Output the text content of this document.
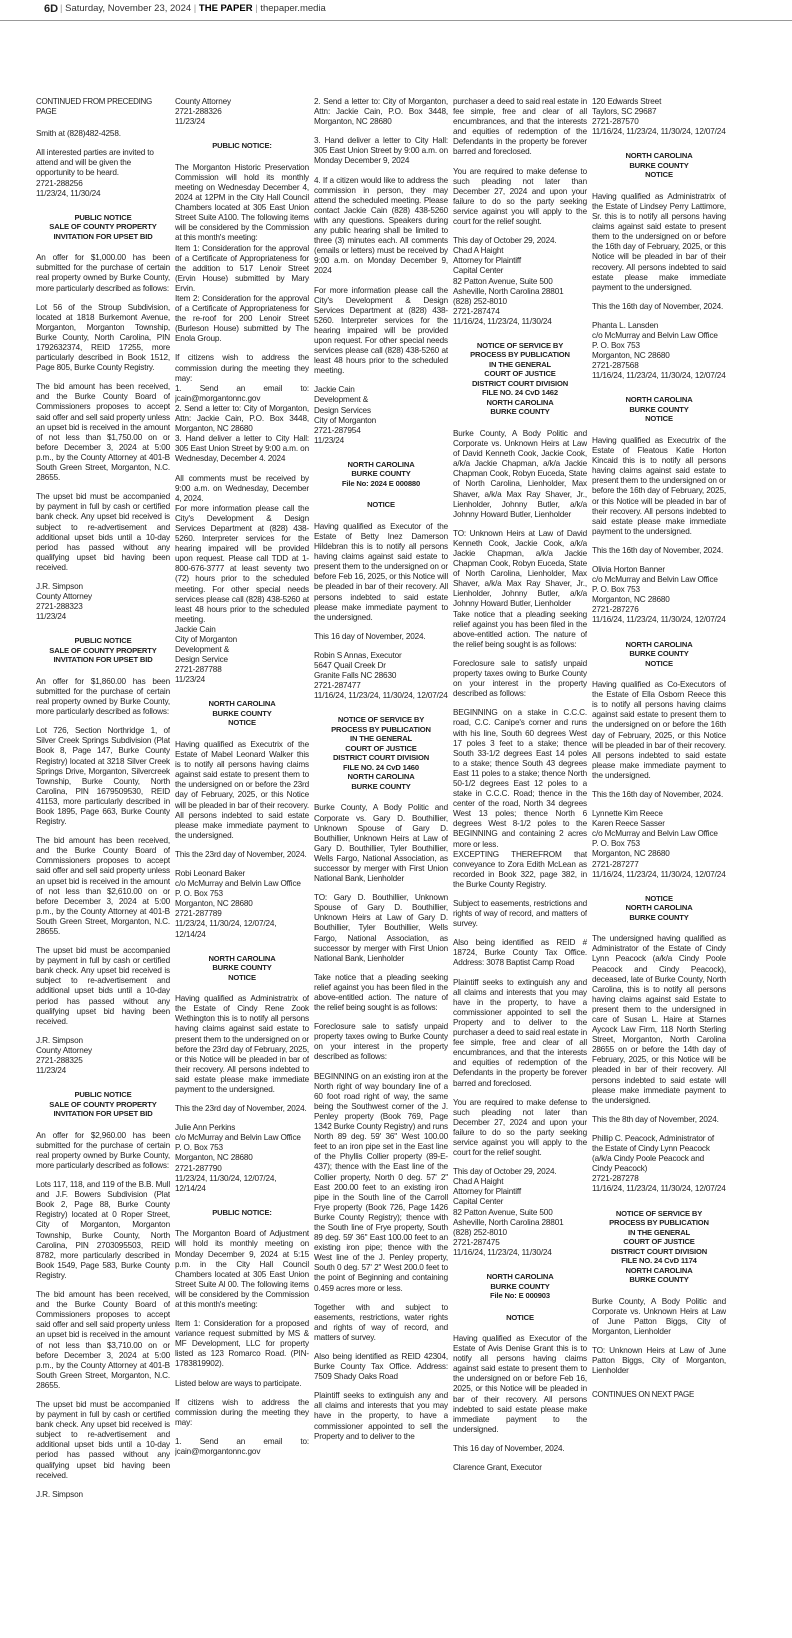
6D | Saturday, November 23, 2024 | THE PAPER | thepaper.media
CONTINUED FROM PRECEDING PAGE

Smith at (828)482-4258.

All interested parties are invited to attend and will be given the opportunity to be heard.
2721-288256
11/23/24, 11/30/24

PUBLIC NOTICE
SALE OF COUNTY PROPERTY
INVITATION FOR UPSET BID

An offer for $1,000.00 has been submitted for the purchase of certain real property owned by Burke County, more particularly described as follows:

Lot 56 of the Stroup Subdivision, located at 1818 Burkemont Avenue, Morganton, Morganton Township, Burke County, North Carolina, PIN 1792632374, REID 17255, more particularly described in Book 1512, Page 805, Burke County Registry.

The bid amount has been received, and the Burke County Board of Commissioners proposes to accept said offer and sell said property unless an upset bid is received in the amount of not less than $1,750.00 on or before December 3, 2024 at 5:00 p.m., by the County Attorney at 401-B South Green Street, Morganton, N.C. 28655.

The upset bid must be accompanied by payment in full by cash or certified bank check. Any upset bid received is subject to re-advertisement and additional upset bids until a 10-day period has passed without any qualifying upset bid having been received.

J.R. Simpson
County Attorney
2721-288323
11/23/24

PUBLIC NOTICE
SALE OF COUNTY PROPERTY
INVITATION FOR UPSET BID

An offer for $1,860.00 has been submitted for the purchase of certain real property owned by Burke County, more particularly described as follows:

Lot 726, Section Northridge 1, of Silver Creek Springs Subdivision (Plat Book 8, Page 147, Burke County Registry) located at 3218 Silver Creek Springs Drive, Morganton, Silvercreek Township, Burke County, North Carolina, PIN 1679509530, REID 41153, more particularly described in Book 1895, Page 663, Burke County Registry.

The bid amount has been received, and the Burke County Board of Commissioners proposes to accept said offer and sell said property unless an upset bid is received in the amount of not less than $2,610.00 on or before December 3, 2024 at 5:00 p.m., by the County Attorney at 401-B South Green Street, Morganton, N.C. 28655.

The upset bid must be accompanied by payment in full by cash or certified bank check. Any upset bid received is subject to re-advertisement and additional upset bids until a 10-day period has passed without any qualifying upset bid having been received.

J.R. Simpson
County Attorney
2721-288325
11/23/24

PUBLIC NOTICE
SALE OF COUNTY PROPERTY
INVITATION FOR UPSET BID

An offer for $2,960.00 has been submitted for the purchase of certain real property owned by Burke County, more particularly described as follows:

Lots 117, 118, and 119 of the B.B. Mull and J.F. Bowers Subdivision (Plat Book 2, Page 88, Burke County Registry) located at 0 Roper Street, City of Morganton, Morganton Township, Burke County, North Carolina, PIN 2703095503, REID 8782, more particularly described in Book 1549, Page 583, Burke County Registry.

The bid amount has been received, and the Burke County Board of Commissioners proposes to accept said offer and sell said property unless an upset bid is received in the amount of not less than $3,710.00 on or before December 3, 2024 at 5:00 p.m., by the County Attorney at 401-B South Green Street, Morganton, N.C. 28655.

The upset bid must be accompanied by payment in full by cash or certified bank check. Any upset bid received is subject to re-advertisement and additional upset bids until a 10-day period has passed without any qualifying upset bid having been received.

J.R. Simpson

County Attorney
2721-288326
11/23/24

PUBLIC NOTICE:

The Morganton Historic Preservation Commission will hold its monthly meeting on Wednesday December 4, 2024 at 12PM in the City Hall Council Chambers located at 305 East Union Street Suite A100. The following items will be considered by the Commission at this month's meeting:
Item 1: Consideration for the approval of a Certificate of Appropriateness for the addition to 517 Lenoir Street (Ervin House) submitted by Mary Ervin.
Item 2: Consideration for the approval of a Certificate of Appropriateness for the re-roof for 200 Lenoir Street (Burleson House) submitted by The Enola Group.

If citizens wish to address the commission during the meeting they may:
1. Send an email to: jcain@morgantonnc.gov
2. Send a letter to: City of Morganton, Attn: Jackie Cain, P.O. Box 3448, Morganton, NC 28680
3. Hand deliver a letter to City Hall: 305 East Union Street by 9:00 a.m. on Wednesday, December 4. 2024

All comments must be received by 9:00 a.m. on Wednesday, December 4, 2024.
For more information please call the City's Development & Design Services Department at (828) 438-5260. Interpreter services for the hearing impaired will be provided upon request. Please call TDD at 1-800-676-3777 at least seventy two (72) hours prior to the scheduled meeting. For other special needs services please call (828) 438-5260 at least 48 hours prior to the scheduled meeting.
Jackie Cain
City of Morganton
Development &
Design Service
2721-287788
11/23/24

NORTH CAROLINA
BURKE COUNTY
NOTICE

Having qualified as Executrix of the Estate of Mabel Leonard Walker this is to notify all persons having claims against said estate to present them to the undersigned on or before the 23rd day of February, 2025, or this Notice will be pleaded in bar of their recovery. All persons indebted to said estate please make immediate payment to the undersigned.

This the 23rd day of November, 2024.

Robi Leonard Baker
c/o McMurray and Belvin Law Office
P. O. Box 753
Morganton, NC 28680
2721-287789
11/23/24, 11/30/24, 12/07/24, 12/14/24

NORTH CAROLINA
BURKE COUNTY
NOTICE

Having qualified as Administratrix of the Estate of Cindy Rene Zook Wethington this is to notify all persons having claims against said estate to present them to the undersigned on or before the 23rd day of February, 2025, or this Notice will be pleaded in bar of their recovery. All persons indebted to said estate please make immediate payment to the undersigned.

This the 23rd day of November, 2024.

Julie Ann Perkins
c/o McMurray and Belvin Law Office
P. O. Box 753
Morganton, NC 28680
2721-287790
11/23/24, 11/30/24, 12/07/24, 12/14/24

PUBLIC NOTICE:

The Morganton Board of Adjustment will hold its monthly meeting on Monday December 9, 2024 at 5:15 p.m. in the City Hall Council Chambers located at 305 East Union Street Suite Al 00. The following items will be considered by the Commission at this month's meeting:

Item 1: Consideration for a proposed variance request submitted by MS & MF Development, LLC for property listed as 123 Romarco Road. (PIN-1783819902).

Listed below are ways to participate.

If citizens wish to address the commission during the meeting they may:

1. Send an email to: jcain@morgantonnc.gov

2. Send a letter to: City of Morganton, Attn: Jackie Cain, P.O. Box 3448, Morganton, NC 28680

3. Hand deliver a letter to City Hall: 305 East Union Street by 9:00 a.m. on Monday December 9, 2024

4. If a citizen would like to address the commission in person, they may attend the scheduled meeting. Please contact Jackie Cain (828) 438-5260 with any questions. Speakers during any public hearing shall be limited to three (3) minutes each. All comments (emails or letters) must be received by 9:00 a.m. on Monday December 9, 2024

For more information please call the City's Development & Design Services Department at (828) 438-5260. Interpreter services for the hearing impaired will be provided upon request. For other special needs services please call (828) 438-5260 at least 48 hours prior to the scheduled meeting.

Jackie Cain
Development &
Design Services
City of Morganton
2721-287954
11/23/24

NORTH CAROLINA
BURKE COUNTY
File No: 2024 E 000880
NOTICE

Having qualified as Executor of the Estate of Betty Inez Damerson Hildebran this is to notify all persons having claims against said estate to present them to the undersigned on or before Feb 16, 2025, or this Notice will be pleaded in bar of their recovery. All persons indebted to said estate please make immediate payment to the undersigned.

This 16 day of November, 2024.

Robin S Annas, Executor
5647 Quail Creek Dr
Granite Falls NC 28630
2721-287477
11/16/24, 11/23/24, 11/30/24, 12/07/24

NOTICE OF SERVICE BY
PROCESS BY PUBLICATION
IN THE GENERAL
COURT OF JUSTICE
DISTRICT COURT DIVISION
FILE NO. 24 CvD 1460
NORTH CAROLINA
BURKE COUNTY

Burke County, A Body Politic and Corporate vs. Gary D. Bouthillier, Unknown Spouse of Gary D. Bouthillier, Unknown Heirs at Law of Gary D. Bouthillier, Tyler Bouthillier, Wells Fargo, National Association, as successor by merger with First Union National Bank, Lienholder

TO: Gary D. Bouthillier, Unknown Spouse of Gary D. Bouthillier, Unknown Heirs at Law of Gary D. Bouthillier, Tyler Bouthillier, Wells Fargo, National Association, as successor by merger with First Union National Bank, Lienholder

Take notice that a pleading seeking relief against you has been filed in the above-entitled action. The nature of the relief being sought is as follows:

Foreclosure sale to satisfy unpaid property taxes owing to Burke County on your interest in the property described as follows:

BEGINNING on an existing iron at the North right of way boundary line of a 60 foot road right of way, the same being the Southwest corner of the J. Penley property (Book 769, Page 1342 Burke County Registry) and runs North 89 deg. 59' 36" West 100.00 feet to an iron pipe set in the East line of the Phyllis Collier property (89-E-437); thence with the East line of the Collier property, North 0 deg. 57' 2" East 200.00 feet to an existing iron pipe in the South line of the Carroll Frye property (Book 726, Page 1426 Burke County Registry); thence with the South line of Frye property, South 89 deg. 59' 36" East 100.00 feet to an existing iron pipe; thence with the West line of the J. Penley property, South 0 deg. 57' 2" West 200.0 feet to the point of Beginning and containing 0.459 acres more or less.

Together with and subject to easements, restrictions, water rights and rights of way of record, and matters of survey.

Also being identified as REID 42304, Burke County Tax Office. Address: 7509 Shady Oaks Road

Plaintiff seeks to extinguish any and all claims and interests that you may have in the property, to have a commissioner appointed to sell the Property and to deliver to the

purchaser a deed to said real estate in fee simple, free and clear of all encumbrances, and that the interests and equities of redemption of the Defendants in the property be forever barred and foreclosed.

You are required to make defense to such pleading not later than December 27, 2024 and upon your failure to do so the party seeking service against you will apply to the court for the relief sought.

This day of October 29, 2024.
Chad A Haight
Attorney for Plaintiff
Capital Center
82 Patton Avenue, Suite 500
Asheville, North Carolina 28801
(828) 252-8010
2721-287474
11/16/24, 11/23/24, 11/30/24

NOTICE OF SERVICE BY
PROCESS BY PUBLICATION
IN THE GENERAL
COURT OF JUSTICE
DISTRICT COURT DIVISION
FILE NO. 24 CvD 1462
NORTH CAROLINA
BURKE COUNTY

Burke County, A Body Politic and Corporate vs. Unknown Heirs at Law of David Kenneth Cook, Jackie Cook, a/k/a Jackie Chapman, a/k/a Jackie Chapman Cook, Robyn Euceda, State of North Carolina, Lienholder, Max Shaver, a/k/a Max Ray Shaver, Jr., Lienholder, Johnny Butler, a/k/a Johnny Howard Butler, Lienholder

TO: Unknown Heirs at Law of David Kenneth Cook, Jackie Cook, a/k/a Jackie Chapman, a/k/a Jackie Chapman Cook, Robyn Euceda, State of North Carolina, Lienholder, Max Shaver, a/k/a Max Ray Shaver, Jr., Lienholder, Johnny Butler, a/k/a Johnny Howard Butler, Lienholder
Take notice that a pleading seeking relief against you has been filed in the above-entitled action. The nature of the relief being sought is as follows:

Foreclosure sale to satisfy unpaid property taxes owing to Burke County on your interest in the property described as follows:

BEGINNING on a stake in C.C.C. road, C.C. Canipe's corner and runs with his line, South 60 degrees West 17 poles 3 feet to a stake; thence South 33-1/2 degrees East 14 poles to a stake; thence South 43 degrees East 11 poles to a stake; thence North 50-1/2 degrees East 12 poles to a stake in C.C.C. Road; thence in the center of the road, North 34 degrees West 13 poles; thence North 6 degrees West 8-1/2 poles to the BEGINNING and containing 2 acres more or less.
EXCEPTING THEREFROM that conveyance to Zora Edith McLean as recorded in Book 322, page 382, in the Burke County Registry.

Subject to easements, restrictions and rights of way of record, and matters of survey.

Also being identified as REID # 18724, Burke County Tax Office. Address: 3078 Baptist Camp Road

Plaintiff seeks to extinguish any and all claims and interests that you may have in the property, to have a commissioner appointed to sell the Property and to deliver to the purchaser a deed to said real estate in fee simple, free and clear of all encumbrances, and that the interests and equities of redemption of the Defendants in the property be forever barred and foreclosed.

You are required to make defense to such pleading not later than December 27, 2024 and upon your failure to do so the party seeking service against you will apply to the court for the relief sought.

This day of October 29, 2024.
Chad A Haight
Attorney for Plaintiff
Capital Center
82 Patton Avenue, Suite 500
Asheville, North Carolina 28801
(828) 252-8010
2721-287475
11/16/24, 11/23/24, 11/30/24

NORTH CAROLINA
BURKE COUNTY
File No: E 000903
NOTICE

Having qualified as Executor of the Estate of Avis Denise Grant this is to notify all persons having claims against said estate to present them to the undersigned on or before Feb 16, 2025, or this Notice will be pleaded in bar of their recovery. All persons indebted to said estate please make immediate payment to the undersigned.

This 16 day of November, 2024.

Clarence Grant, Executor

120 Edwards Street
Taylors, SC 29687
2721-287570
11/16/24, 11/23/24, 11/30/24, 12/07/24

NORTH CAROLINA
BURKE COUNTY
NOTICE

Having qualified as Administratrix of the Estate of Lindsey Perry Lattimore, Sr. this is to notify all persons having claims against said estate to present them to the undersigned on or before the 16th day of February, 2025, or this Notice will be pleaded in bar of their recovery. All persons indebted to said estate please make immediate payment to the undersigned.

This the 16th day of November, 2024.

Phanta L. Lansden
c/o McMurray and Belvin Law Office
P. O. Box 753
Morganton, NC 28680
2721-287568
11/16/24, 11/23/24, 11/30/24, 12/07/24

NORTH CAROLINA
BURKE COUNTY
NOTICE

Having qualified as Executrix of the Estate of Fleatous Katie Horton Kincaid this is to notify all persons having claims against said estate to present them to the undersigned on or before the 16th day of February, 2025, or this Notice will be pleaded in bar of their recovery. All persons indebted to said estate please make immediate payment to the undersigned.

This the 16th day of November, 2024.

Olivia Horton Banner
c/o McMurray and Belvin Law Office
P. O. Box 753
Morganton, NC 28680
2721-287276
11/16/24, 11/23/24, 11/30/24, 12/07/24

NORTH CAROLINA
BURKE COUNTY
NOTICE

Having qualified as Co-Executors of the Estate of Ella Osborn Reece this is to notify all persons having claims against said estate to present them to the undersigned on or before the 16th day of February, 2025, or this Notice will be pleaded in bar of their recovery. All persons indebted to said estate please make immediate payment to the undersigned.

This the 16th day of November, 2024.

Lynnette Kim Reece
Karen Reece Sasser
c/o McMurray and Belvin Law Office
P. O. Box 753
Morganton, NC 28680
2721-287277
11/16/24, 11/23/24, 11/30/24, 12/07/24

NOTICE
NORTH CAROLINA
BURKE COUNTY

The undersigned having qualified as Administrator of the Estate of Cindy Lynn Peacock (a/k/a Cindy Poole Peacock and Cindy Peacock), deceased, late of Burke County, North Carolina, this is to notify all persons having claims against said Estate to present them to the undersigned in care of Susan L. Haire at Starnes Aycock Law Firm, 118 North Sterling Street, Morganton, North Carolina 28655 on or before the 14th day of February, 2025, or this Notice will be pleaded in bar of their recovery. All persons indebted to said estate will please make immediate payment to the undersigned.

This the 8th day of November, 2024.

Phillip C. Peacock, Administrator of the Estate of Cindy Lynn Peacock (a/k/a Cindy Poole Peacock and Cindy Peacock)
2721-287278
11/16/24, 11/23/24, 11/30/24, 12/07/24

NOTICE OF SERVICE BY
PROCESS BY PUBLICATION
IN THE GENERAL
COURT OF JUSTICE
DISTRICT COURT DIVISION
FILE NO. 24 CvD 1174
NORTH CAROLINA
BURKE COUNTY

Burke County, A Body Politic and Corporate vs. Unknown Heirs at Law of June Patton Biggs, City of Morganton, Lienholder

TO: Unknown Heirs at Law of June Patton Biggs, City of Morganton, Lienholder

CONTINUES ON NEXT PAGE
